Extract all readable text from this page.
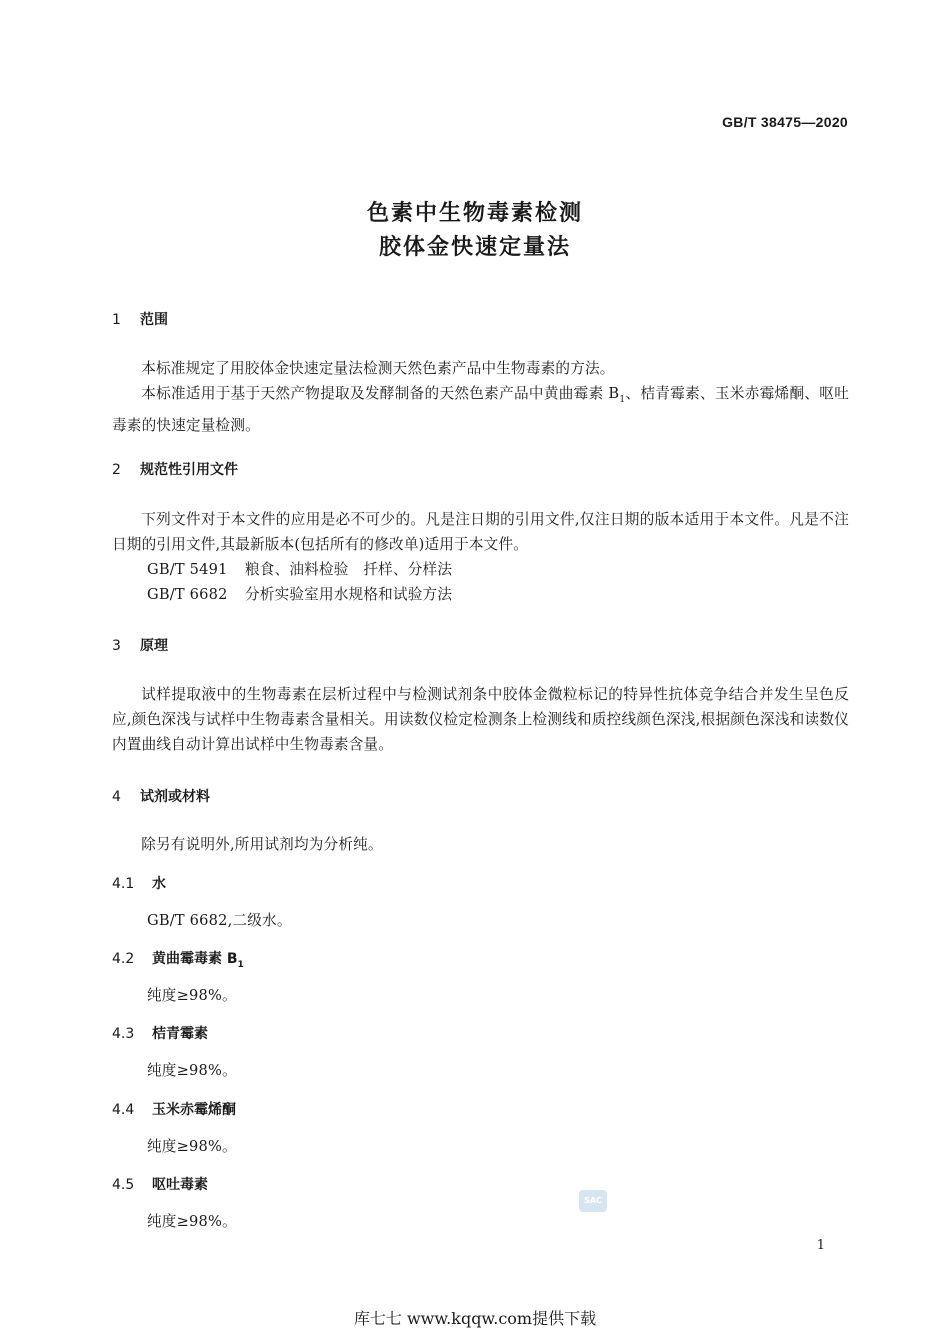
GB/T 38475—2020
色素中生物毒素检测
胶体金快速定量法
1 范围
本标准规定了用胶体金快速定量法检测天然色素产品中生物毒素的方法。
本标准适用于基于天然产物提取及发酵制备的天然色素产品中黄曲霉素 $B_1$、桔青霉素、玉米赤霉烯酮、呕吐毒素的快速定量检测。
2 规范性引用文件
下列文件对于本文件的应用是必不可少的。凡是注日期的引用文件,仅注日期的版本适用于本文件。凡是不注日期的引用文件,其最新版本(包括所有的修改单)适用于本文件。
GB/T 5491 粮食、油料检验　扦样、分样法
GB/T 6682 分析实验室用水规格和试验方法
3 原理
试样提取液中的生物毒素在层析过程中与检测试剂条中胶体金微粒标记的特异性抗体竞争结合并发生呈色反应,颜色深浅与试样中生物毒素含量相关。用读数仪检定检测条上检测线和质控线颜色深浅,根据颜色深浅和读数仪内置曲线自动计算出试样中生物毒素含量。
4 试剂或材料
除另有说明外,所用试剂均为分析纯。
4.1 水
GB/T 6682,二级水。
4.2 黄曲霉毒素 $B_1$
纯度≥98%。
4.3 桔青霉素
纯度≥98%。
4.4 玉米赤霉烯酮
纯度≥98%。
4.5 呕吐毒素
纯度≥98%。
SAC
1
库七七 www.kqqw.com提供下载
